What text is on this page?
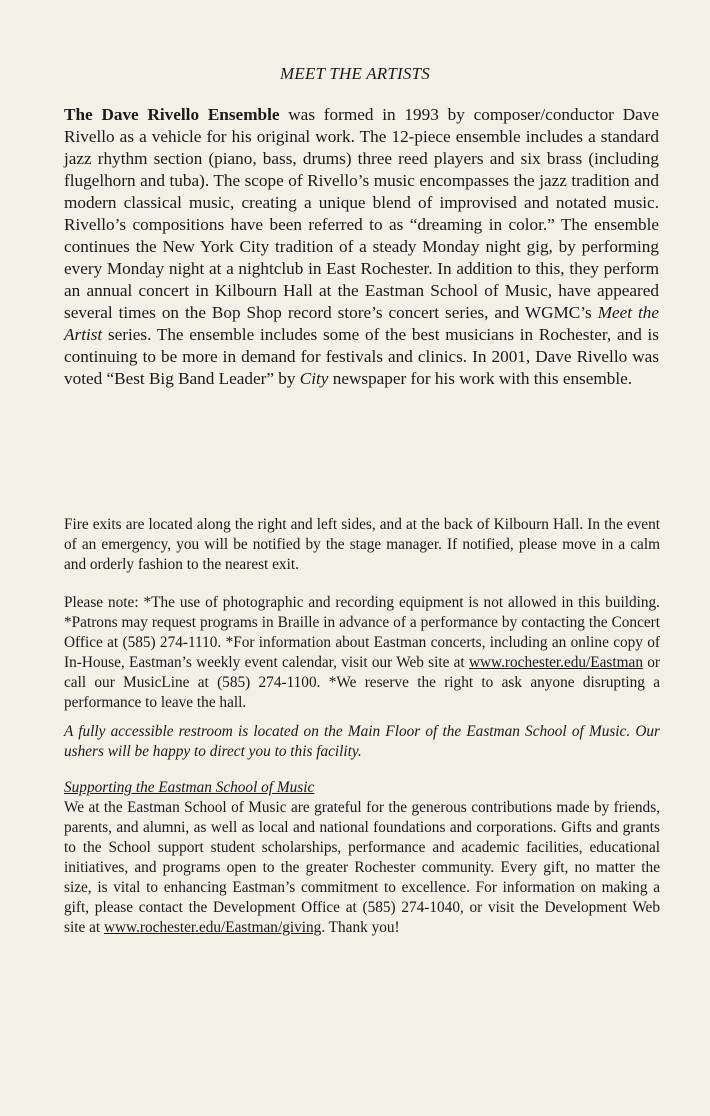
MEET THE ARTISTS

The Dave Rivello Ensemble was formed in 1993 by composer/conductor Dave Rivello as a vehicle for his original work. The 12-piece ensemble includes a standard jazz rhythm section (piano, bass, drums) three reed players and six brass (including flugelhorn and tuba). The scope of Rivello’s music encompasses the jazz tradition and modern classical music, creating a unique blend of improvised and notated music. Rivello’s compositions have been referred to as “dreaming in color.” The ensemble continues the New York City tradition of a steady Monday night gig, by performing every Monday night at a nightclub in East Rochester. In addition to this, they perform an annual concert in Kilbourn Hall at the Eastman School of Music, have appeared several times on the Bop Shop record store’s concert series, and WGMC’s Meet the Artist series. The ensemble includes some of the best musicians in Rochester, and is continuing to be more in demand for festivals and clinics. In 2001, Dave Rivello was voted “Best Big Band Leader” by City newspaper for his work with this ensemble.

Fire exits are located along the right and left sides, and at the back of Kilbourn Hall. In the event of an emergency, you will be notified by the stage manager. If notified, please move in a calm and orderly fashion to the nearest exit.

Please note: *The use of photographic and recording equipment is not allowed in this building. *Patrons may request programs in Braille in advance of a performance by contacting the Concert Office at (585) 274-1110. *For information about Eastman concerts, including an online copy of In-House, Eastman’s weekly event calendar, visit our Web site at www.rochester.edu/Eastman or call our MusicLine at (585) 274-1100. *We reserve the right to ask anyone disrupting a performance to leave the hall.

A fully accessible restroom is located on the Main Floor of the Eastman School of Music. Our ushers will be happy to direct you to this facility.

Supporting the Eastman School of Music

We at the Eastman School of Music are grateful for the generous contributions made by friends, parents, and alumni, as well as local and national foundations and corporations. Gifts and grants to the School support student scholarships, performance and academic facilities, educational initiatives, and programs open to the greater Rochester community. Every gift, no matter the size, is vital to enhancing Eastman’s commitment to excellence. For information on making a gift, please contact the Development Office at (585) 274-1040, or visit the Development Web site at www.rochester.edu/Eastman/giving. Thank you!
